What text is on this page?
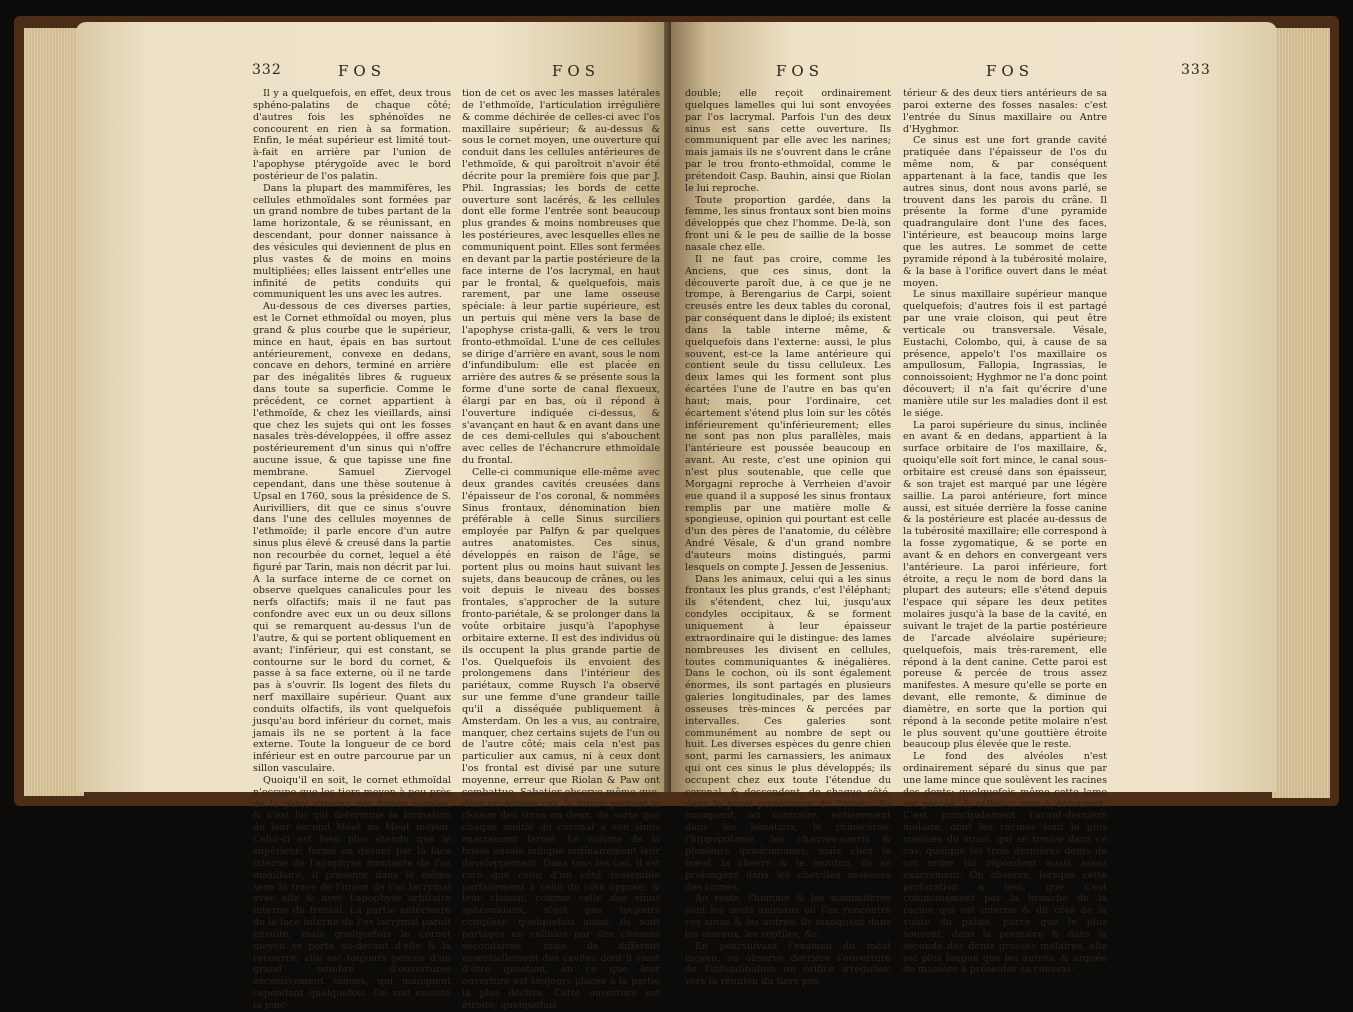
332	FOS	FOS

Il y a quelquefois, en effet, deux trous sphéno-palatins de chaque côté; d'autres fois les sphénoïdes ne concourent en rien à sa formation. Enfin, le méat supérieur est limité tout-à-fait en arrière par l'union de l'apophyse ptérygoïde avec le bord postérieur de l'os palatin.

Dans la plupart des mammifères, les cellules ethmoïdales sont formées par un grand nombre de tubes partant de la lame horizontale, & se réunissant, en descendant, pour donner naissance à des vésicules qui deviennent de plus en plus vastes & de moins en moins multipliées; elles laissent entr'elles une infinité de petits conduits qui communiquent les uns avec les autres.

Au-dessous de ces diverses parties, est le Cornet ethmoïdal ou moyen, plus grand & plus courbe que le supérieur, mince en haut, épais en bas surtout antérieurement, convexe en dedans, concave en dehors, terminé en arrière par des inégalités libres & rugueux dans toute sa superficie. Comme le précédent, ce cornet appartient à l'ethmoïde, & chez les vieillards, ainsi que chez les sujets qui ont les fosses nasales très-développées, il offre assez postérieurement d'un sinus qui n'offre aucune issue, & que tapisse une fine membrane. Samuel Ziervogel cependant, dans une thèse soutenue à Upsal en 1760, sous la présidence de S. Aurivilliers, dit que ce sinus s'ouvre dans l'une des cellules moyennes de l'ethmoïde; il parle encore d'un autre sinus plus élevé & creusé dans la partie non recourbée du cornet, lequel a été figuré par Tarin, mais non décrit par lui. A la surface interne de ce cornet on observe quelques canalicules pour les nerfs olfactifs; mais il ne faut pas confondre avec eux un ou deux sillons qui se remarquent au-dessus l'un de l'autre, & qui se portent obliquement en avant; l'inférieur, qui est constant, se contourne sur le bord du cornet, & passe à sa face externe, où il ne tarde pas à s'ouvrir. Ils logent des filets du nerf maxillaire supérieur. Quant aux conduits olfactifs, ils vont quelquefois jusqu'au bord inférieur du cornet, mais jamais ils ne se portent à la face externe. Toute la longueur de ce bord inférieur est en outre parcourue par un sillon vasculaire.

Quoiqu'il en soit, le cornet ethmoïdal n'occupe que les tiers moyen à peu près de la paroi externe des fosses nasales, & c'est lui qui détermine la formation de leur second Méat ou Méat moyen. Celui-ci est bien plus étendu que le supérieur; formé en devant par la face interne de l'apophyse montante de l'os maxillaire, il présente dans le même sens la trace de l'union de l'os lacrymal avec elle & avec l'apophyse orbitaire interne du frontal. La partie antérieure de la face interne de l'os lacrymal paroît ensuite, mais quelquefois le cornet moyen se porte au-devant d'elle & la recouvre; elle est toujours percée d'un grand nombre d'ouvertures excessivement ténues, qui manquent cependant quelquefois. On voit ensuite la jonc-

tion de cet os avec les masses latérales de l'ethmoïde, l'articulation irrégulière & comme déchirée de celles-ci avec l'os maxillaire supérieur; & au-dessus & sous le cornet moyen, une ouverture qui conduit dans les cellules antérieures de l'ethmoïde, & qui paroîtroit n'avoir été décrite pour la première fois que par J. Phil. Ingrassias; les bords de cette ouverture sont lacérés, & les cellules dont elle forme l'entrée sont beaucoup plus grandes & moins nombreuses que les postérieures, avec lesquelles elles ne communiquent point. Elles sont fermées en devant par la partie postérieure de la face interne de l'os lacrymal, en haut par le frontal, & quelquefois, mais rarement, par une lame osseuse spéciale: à leur partie supérieure, est un pertuis qui mène vers la base de l'apophyse crista-galli, & vers le trou fronto-ethmoïdal. L'une de ces cellules se dirige d'arrière en avant, sous le nom d'infundibulum: elle est placée en arrière des autres & se présente sous la forme d'une sorte de canal flexueux, élargi par en bas, où il répond à l'ouverture indiquée ci-dessus, & s'avançant en haut & en avant dans une de ces demi-cellules qui s'abouchent avec celles de l'échancrure ethmoïdale du frontal.

Celle-ci communique elle-même avec deux grandes cavités creusées dans l'épaisseur de l'os coronal, & nommées Sinus frontaux, dénomination bien préférable à celle Sinus surciliers employée par Palfyn & par quelques autres anatomistes. Ces sinus, développés en raison de l'âge, se portent plus ou moins haut suivant les sujets, dans beaucoup de crânes, ou les voit depuis le niveau des bosses frontales, s'approcher de la suture fronto-pariétale, & se prolonger dans la voûte orbitaire jusqu'à l'apophyse orbitaire externe. Il est des individus où ils occupent la plus grande partie de l'os. Quelquefois ils envoient des prolongemens dans l'intérieur des pariétaux, comme Ruysch l'a observé sur une femme d'une grandeur taille qu'il a disséquée publiquement à Amsterdam. On les a vus, au contraire, manquer, chez certains sujets de l'un ou de l'autre côté; mais cela n'est pas particulier aux camus, ni à ceux dont l'os frontal est divisé par une suture moyenne, erreur que Riolan & Paw ont combattue. Sabatier observe même que, dans ce dernier cas, la future partage la cloison des sinus en deux, de sorte que chaque moitié du coronal a son sinus exactement fermé. Le volume de la bosse nasale indique ordinairement leur développement. Dans tous les cas, il est rare que celui d'un côté ressemble parfaitement à celui du côté opposé; & leur cloison, comme celle des sinus sphénoïdaux, n'est pas toujours complète; quelquefois aussi, ils sont partagés en cellules par des cloisons secondaires; mais ils diffèrent essentiellement des cavités dont il vient d'être question, en ce que leur ouverture est toujours placée à la partie la plus déclive. Cette ouverture est étroite, quelquefois

FOS	FOS	333

double; elle reçoit ordinairement quelques lamelles qui lui sont envoyées par l'os lacrymal. Parfois l'un des deux sinus est sans cette ouverture. Ils communiquent par elle avec les narines; mais jamais ils ne s'ouvrent dans le crâne par le trou fronto-ethmoïdal, comme le prétendoit Casp. Bauhin, ainsi que Riolan le lui reproche.

Toute proportion gardée, dans la femme, les sinus frontaux sont bien moins développés que chez l'homme. De-là, son front uni & le peu de saillie de la bosse nasale chez elle.

Il ne faut pas croire, comme les Anciens, que ces sinus, dont la découverte paroît due, à ce que je ne trompe, à Berengarius de Carpi, soient creusés entre les deux tables du coronal, par conséquent dans le diploé; ils existent dans la table interne même, & quelquefois dans l'externe: aussi, le plus souvent, est-ce la lame antérieure qui contient seule du tissu celluleux. Les deux lames qui les forment sont plus écartées l'une de l'autre en bas qu'en haut; mais, pour l'ordinaire, cet écartement s'étend plus loin sur les côtés inférieurement qu'inférieurement; elles ne sont pas non plus parallèles, mais l'antérieure est poussée beaucoup en avant. Au reste, c'est une opinion qui n'est plus soutenable, que celle que Morgagni reproche à Verrheien d'avoir eue quand il a supposé les sinus frontaux remplis par une matière molle & spongieuse, opinion qui pourtant est celle d'un des pères de l'anatomie, du célèbre André Vésale, & d'un grand nombre d'auteurs moins distingués, parmi lesquels on compte J. Jessen de Jessenius.

Dans les animaux, celui qui a les sinus frontaux les plus grands, c'est l'éléphant; ils s'étendent, chez lui, jusqu'aux condyles occipitaux, & se forment uniquement à leur épaisseur extraordinaire qui le distingue: des lames nombreuses les divisent en cellules, toutes communiquantes & inégalières. Dans le cochon, où ils sont également énormes, ils sont partagés en plusieurs galeries longitudinales, par des lames osseuses très-minces & percées par intervalles. Ces galeries sont communément au nombre de sept ou huit. Les diverses espèces du genre chien sont, parmi les carnassiers, les animaux qui ont ces sinus le plus développés; ils occupent chez eux toute l'étendue du coronal, & descendent, de chaque côté, dans la paroi postérieure de l'orbite. Ils manquent, au contraire, entièrement dans les bénataux, le rhinocéros, l'hippopotame, les chauves-souris & plusieurs quadrumanes; mais chez le bœuf, la chèvre & le mouton, ils se prolongent dans les chevilles osseuses des cornes.

Au reste, l'homme & les mammifères sont les seuls animaux où l'on rencontre ces sinus & les autres; ils manquent dans les oiseaux, les reptiles, &c.

En poursuivant l'examen du méat moyen, on observe derrière l'ouverture de l'infundibulum un orifice irrégulier, vers la réunion du tiers pos-

térieur & des deux tiers antérieurs de sa paroi externe des fosses nasales: c'est l'entrée du Sinus maxillaire ou Antre d'Hyghmor.

Ce sinus est une fort grande cavité pratiquée dans l'épaisseur de l'os du même nom, & par conséquent appartenant à la face, tandis que les autres sinus, dont nous avons parlé, se trouvent dans les parois du crâne. Il présente la forme d'une pyramide quadrangulaire dont l'une des faces, l'intérieure, est beaucoup moins large que les autres. Le sommet de cette pyramide répond à la tubérosité molaire, & la base à l'orifice ouvert dans le méat moyen.

Le sinus maxillaire supérieur manque quelquefois; d'autres fois il est partagé par une vraie cloison, qui peut être verticale ou transversale. Vésale, Eustachi, Colombo, qui, à cause de sa présence, appelo't l'os maxillaire os ampullosum, Fallopia, Ingrassias, le connoissoient; Hyghmor ne l'a donc point découvert; il n'a fait qu'écrire d'une manière utile sur les maladies dont il est le siége.

La paroi supérieure du sinus, inclinée en avant & en dedans, appartient à la surface orbitaire de l'os maxillaire, &, quoiqu'elle soit fort mince, le canal sous-orbitaire est creusé dans son épaisseur, & son trajet est marqué par une légère saillie. La paroi antérieure, fort mince aussi, est située derrière la fosse canine & la postérieure est placée au-dessus de la tubérosité maxillaire; elle correspond à la fosse zygomatique, & se porte en avant & en dehors en convergeant vers l'antérieure. La paroi inférieure, fort étroite, a reçu le nom de bord dans la plupart des auteurs; elle s'étend depuis l'espace qui sépare les deux petites molaires jusqu'à la base de la cavité, en suivant le trajet de la partie postérieure de l'arcade alvéolaire supérieure; quelquefois, mais très-rarement, elle répond à la dent canine. Cette paroi est poreuse & percée de trous assez manifestes. A mesure qu'elle se porte en devant, elle remonte, & diminue de diamètre, en sorte que la portion qui répond à la seconde petite molaire n'est le plus souvent qu'une gouttière étroite beaucoup plus élevée que le reste.

Le fond des alvéoles n'est ordinairement séparé du sinus que par une lame mince que soulèvent les racines des dents; quelquefois même cette lame est percée, & celles-ci sont à découvert. C'est principalement l'avant-dernière molaire, dont les racines sont le plus voisines du sinus, qui se trouve dans ce cas, quoique les trois dernières dents de cet ordre lui répondent aussi assez exactement. On observe, lorsque cette perforation a lieu, que c'est communément par la branche de la racine qui est interne & du côté de la voûte du palais, parce que le plus souvent, dans la première & dans la seconde des dents grosses molaires, elle est plus longue que les autres, & arquée de manière à présenter sa convexi-
